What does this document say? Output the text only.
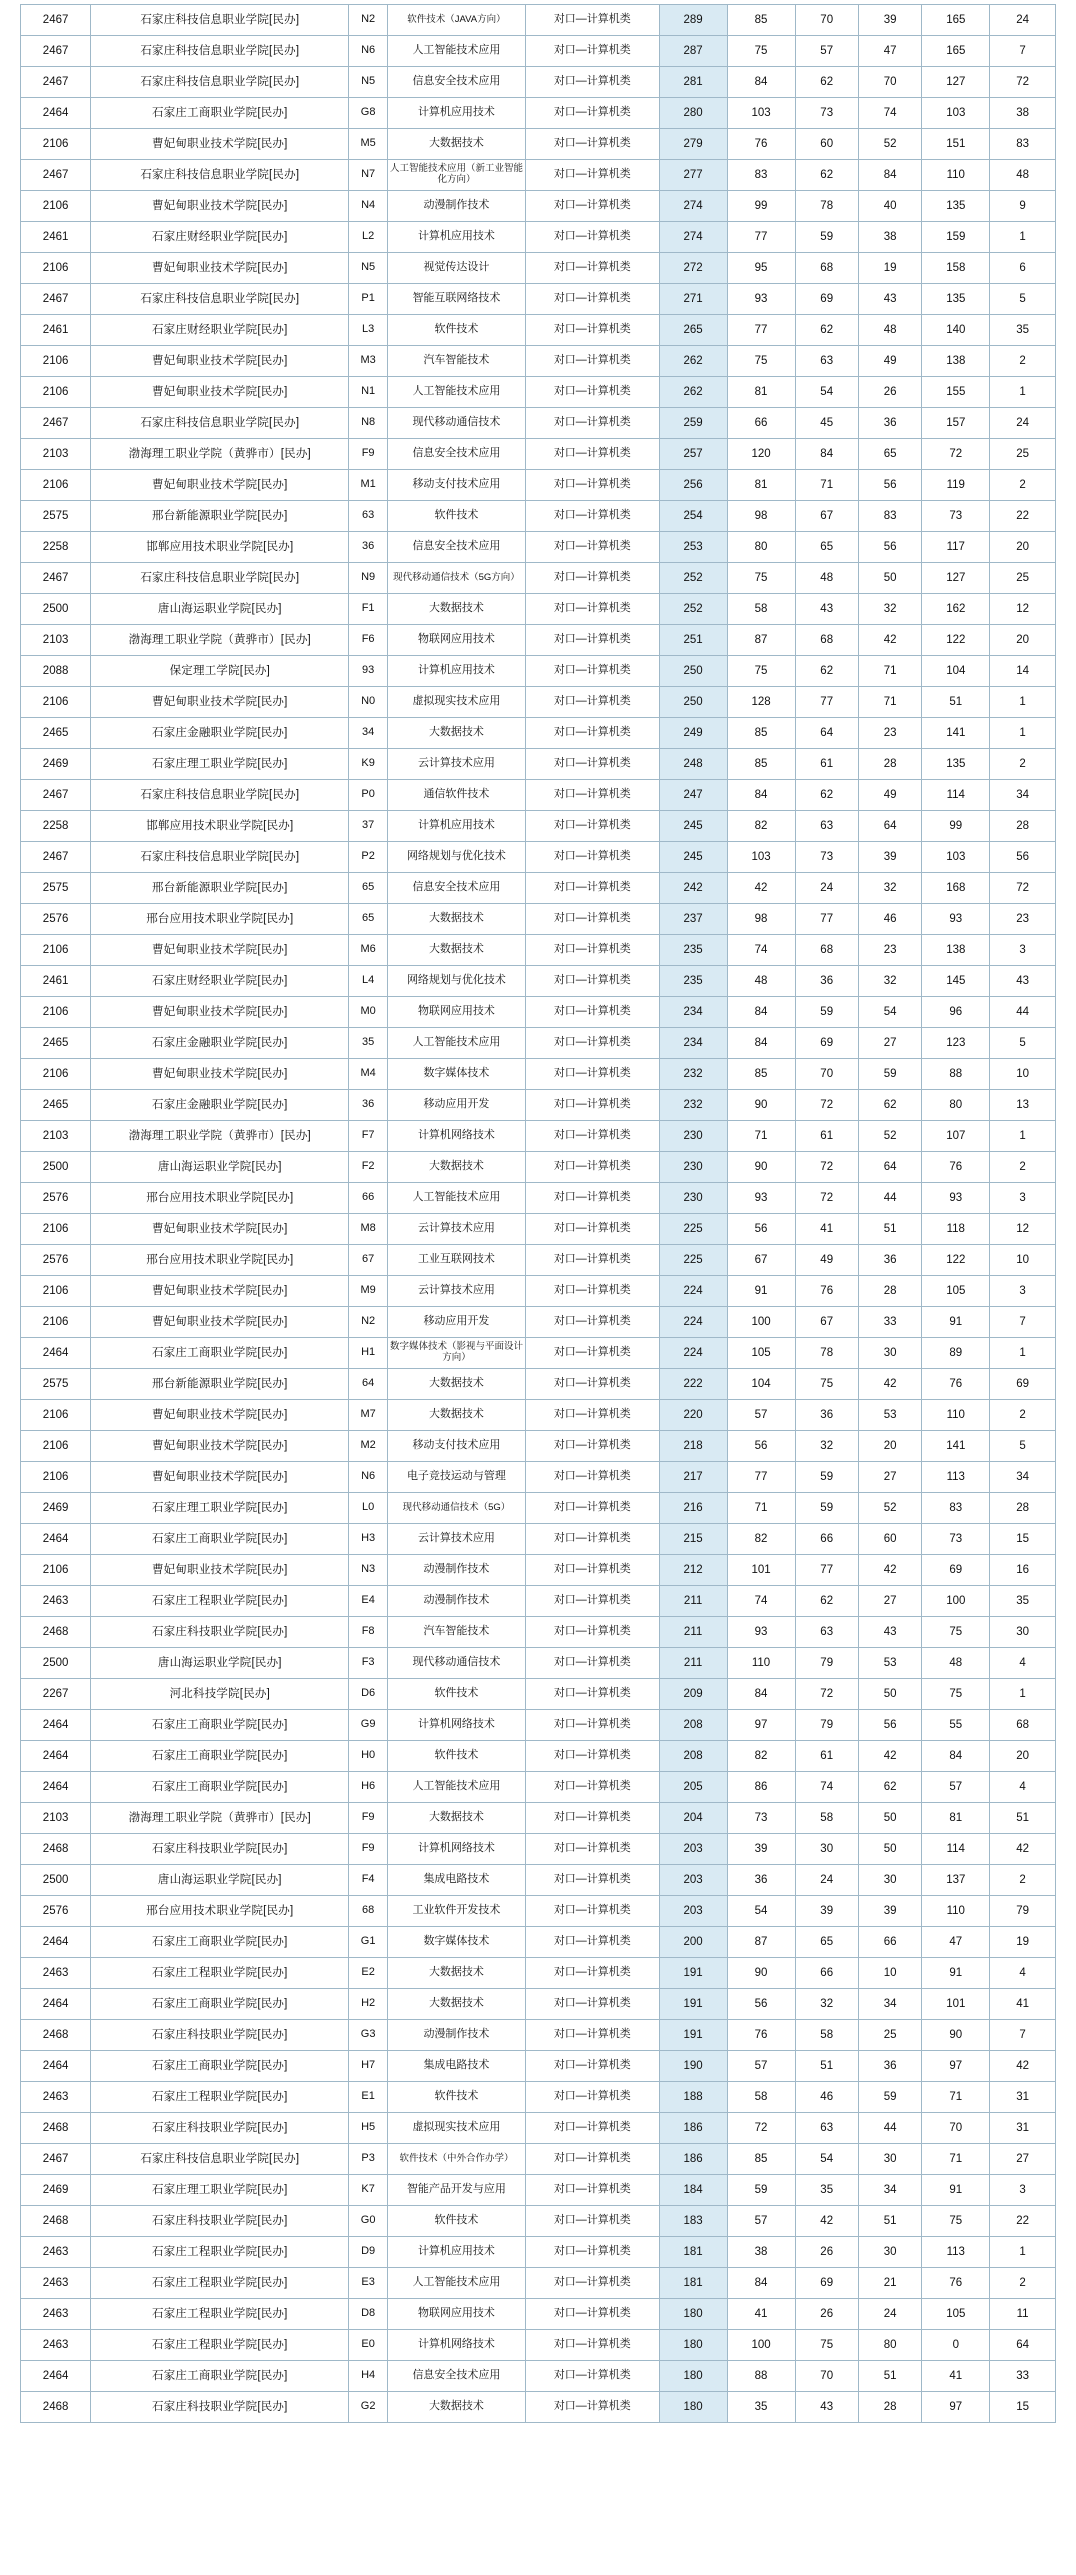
2467	石家庄科技信息职业学院[民办]	N2	软件技术（JAVA方向）	对口—计算机类	289	85	70	39	165	24
2467	石家庄科技信息职业学院[民办]	N6	人工智能技术应用	对口—计算机类	287	75	57	47	165	7
2467	石家庄科技信息职业学院[民办]	N5	信息安全技术应用	对口—计算机类	281	84	62	70	127	72
2464	石家庄工商职业学院[民办]	G8	计算机应用技术	对口—计算机类	280	103	73	74	103	38
2106	曹妃甸职业技术学院[民办]	M5	大数据技术	对口—计算机类	279	76	60	52	151	83
2467	石家庄科技信息职业学院[民办]	N7	人工智能技术应用（新工业智能化方向）	对口—计算机类	277	83	62	84	110	48
2106	曹妃甸职业技术学院[民办]	N4	动漫制作技术	对口—计算机类	274	99	78	40	135	9
2461	石家庄财经职业学院[民办]	L2	计算机应用技术	对口—计算机类	274	77	59	38	159	1
2106	曹妃甸职业技术学院[民办]	N5	视觉传达设计	对口—计算机类	272	95	68	19	158	6
2467	石家庄科技信息职业学院[民办]	P1	智能互联网络技术	对口—计算机类	271	93	69	43	135	5
2461	石家庄财经职业学院[民办]	L3	软件技术	对口—计算机类	265	77	62	48	140	35
2106	曹妃甸职业技术学院[民办]	M3	汽车智能技术	对口—计算机类	262	75	63	49	138	2
2106	曹妃甸职业技术学院[民办]	N1	人工智能技术应用	对口—计算机类	262	81	54	26	155	1
2467	石家庄科技信息职业学院[民办]	N8	现代移动通信技术	对口—计算机类	259	66	45	36	157	24
2103	渤海理工职业学院（黄骅市）[民办]	F9	信息安全技术应用	对口—计算机类	257	120	84	65	72	25
2106	曹妃甸职业技术学院[民办]	M1	移动支付技术应用	对口—计算机类	256	81	71	56	119	2
2575	邢台新能源职业学院[民办]	63	软件技术	对口—计算机类	254	98	67	83	73	22
2258	邯郸应用技术职业学院[民办]	36	信息安全技术应用	对口—计算机类	253	80	65	56	117	20
2467	石家庄科技信息职业学院[民办]	N9	现代移动通信技术（5G方向）	对口—计算机类	252	75	48	50	127	25
2500	唐山海运职业学院[民办]	F1	大数据技术	对口—计算机类	252	58	43	32	162	12
2103	渤海理工职业学院（黄骅市）[民办]	F6	物联网应用技术	对口—计算机类	251	87	68	42	122	20
2088	保定理工学院[民办]	93	计算机应用技术	对口—计算机类	250	75	62	71	104	14
2106	曹妃甸职业技术学院[民办]	N0	虚拟现实技术应用	对口—计算机类	250	128	77	71	51	1
2465	石家庄金融职业学院[民办]	34	大数据技术	对口—计算机类	249	85	64	23	141	1
2469	石家庄理工职业学院[民办]	K9	云计算技术应用	对口—计算机类	248	85	61	28	135	2
2467	石家庄科技信息职业学院[民办]	P0	通信软件技术	对口—计算机类	247	84	62	49	114	34
2258	邯郸应用技术职业学院[民办]	37	计算机应用技术	对口—计算机类	245	82	63	64	99	28
2467	石家庄科技信息职业学院[民办]	P2	网络规划与优化技术	对口—计算机类	245	103	73	39	103	56
2575	邢台新能源职业学院[民办]	65	信息安全技术应用	对口—计算机类	242	42	24	32	168	72
2576	邢台应用技术职业学院[民办]	65	大数据技术	对口—计算机类	237	98	77	46	93	23
2106	曹妃甸职业技术学院[民办]	M6	大数据技术	对口—计算机类	235	74	68	23	138	3
2461	石家庄财经职业学院[民办]	L4	网络规划与优化技术	对口—计算机类	235	48	36	32	145	43
2106	曹妃甸职业技术学院[民办]	M0	物联网应用技术	对口—计算机类	234	84	59	54	96	44
2465	石家庄金融职业学院[民办]	35	人工智能技术应用	对口—计算机类	234	84	69	27	123	5
2106	曹妃甸职业技术学院[民办]	M4	数字媒体技术	对口—计算机类	232	85	70	59	88	10
2465	石家庄金融职业学院[民办]	36	移动应用开发	对口—计算机类	232	90	72	62	80	13
2103	渤海理工职业学院（黄骅市）[民办]	F7	计算机网络技术	对口—计算机类	230	71	61	52	107	1
2500	唐山海运职业学院[民办]	F2	大数据技术	对口—计算机类	230	90	72	64	76	2
2576	邢台应用技术职业学院[民办]	66	人工智能技术应用	对口—计算机类	230	93	72	44	93	3
2106	曹妃甸职业技术学院[民办]	M8	云计算技术应用	对口—计算机类	225	56	41	51	118	12
2576	邢台应用技术职业学院[民办]	67	工业互联网技术	对口—计算机类	225	67	49	36	122	10
2106	曹妃甸职业技术学院[民办]	M9	云计算技术应用	对口—计算机类	224	91	76	28	105	3
2106	曹妃甸职业技术学院[民办]	N2	移动应用开发	对口—计算机类	224	100	67	33	91	7
2464	石家庄工商职业学院[民办]	H1	数字媒体技术（影视与平面设计方向）	对口—计算机类	224	105	78	30	89	1
2575	邢台新能源职业学院[民办]	64	大数据技术	对口—计算机类	222	104	75	42	76	69
2106	曹妃甸职业技术学院[民办]	M7	大数据技术	对口—计算机类	220	57	36	53	110	2
2106	曹妃甸职业技术学院[民办]	M2	移动支付技术应用	对口—计算机类	218	56	32	20	141	5
2106	曹妃甸职业技术学院[民办]	N6	电子竞技运动与管理	对口—计算机类	217	77	59	27	113	34
2469	石家庄理工职业学院[民办]	L0	现代移动通信技术（5G）	对口—计算机类	216	71	59	52	83	28
2464	石家庄工商职业学院[民办]	H3	云计算技术应用	对口—计算机类	215	82	66	60	73	15
2106	曹妃甸职业技术学院[民办]	N3	动漫制作技术	对口—计算机类	212	101	77	42	69	16
2463	石家庄工程职业学院[民办]	E4	动漫制作技术	对口—计算机类	211	74	62	27	100	35
2468	石家庄科技职业学院[民办]	F8	汽车智能技术	对口—计算机类	211	93	63	43	75	30
2500	唐山海运职业学院[民办]	F3	现代移动通信技术	对口—计算机类	211	110	79	53	48	4
2267	河北科技学院[民办]	D6	软件技术	对口—计算机类	209	84	72	50	75	1
2464	石家庄工商职业学院[民办]	G9	计算机网络技术	对口—计算机类	208	97	79	56	55	68
2464	石家庄工商职业学院[民办]	H0	软件技术	对口—计算机类	208	82	61	42	84	20
2464	石家庄工商职业学院[民办]	H6	人工智能技术应用	对口—计算机类	205	86	74	62	57	4
2103	渤海理工职业学院（黄骅市）[民办]	F9	大数据技术	对口—计算机类	204	73	58	50	81	51
2468	石家庄科技职业学院[民办]	F9	计算机网络技术	对口—计算机类	203	39	30	50	114	42
2500	唐山海运职业学院[民办]	F4	集成电路技术	对口—计算机类	203	36	24	30	137	2
2576	邢台应用技术职业学院[民办]	68	工业软件开发技术	对口—计算机类	203	54	39	39	110	79
2464	石家庄工商职业学院[民办]	G1	数字媒体技术	对口—计算机类	200	87	65	66	47	19
2463	石家庄工程职业学院[民办]	E2	大数据技术	对口—计算机类	191	90	66	10	91	4
2464	石家庄工商职业学院[民办]	H2	大数据技术	对口—计算机类	191	56	32	34	101	41
2468	石家庄科技职业学院[民办]	G3	动漫制作技术	对口—计算机类	191	76	58	25	90	7
2464	石家庄工商职业学院[民办]	H7	集成电路技术	对口—计算机类	190	57	51	36	97	42
2463	石家庄工程职业学院[民办]	E1	软件技术	对口—计算机类	188	58	46	59	71	31
2468	石家庄科技职业学院[民办]	H5	虚拟现实技术应用	对口—计算机类	186	72	63	44	70	31
2467	石家庄科技信息职业学院[民办]	P3	软件技术（中外合作办学）	对口—计算机类	186	85	54	30	71	27
2469	石家庄理工职业学院[民办]	K7	智能产品开发与应用	对口—计算机类	184	59	35	34	91	3
2468	石家庄科技职业学院[民办]	G0	软件技术	对口—计算机类	183	57	42	51	75	22
2463	石家庄工程职业学院[民办]	D9	计算机应用技术	对口—计算机类	181	38	26	30	113	1
2463	石家庄工程职业学院[民办]	E3	人工智能技术应用	对口—计算机类	181	84	69	21	76	2
2463	石家庄工程职业学院[民办]	D8	物联网应用技术	对口—计算机类	180	41	26	24	105	11
2463	石家庄工程职业学院[民办]	E0	计算机网络技术	对口—计算机类	180	100	75	80	0	64
2464	石家庄工商职业学院[民办]	H4	信息安全技术应用	对口—计算机类	180	88	70	51	41	33
2468	石家庄科技职业学院[民办]	G2	大数据技术	对口—计算机类	180	35	43	28	97	15
